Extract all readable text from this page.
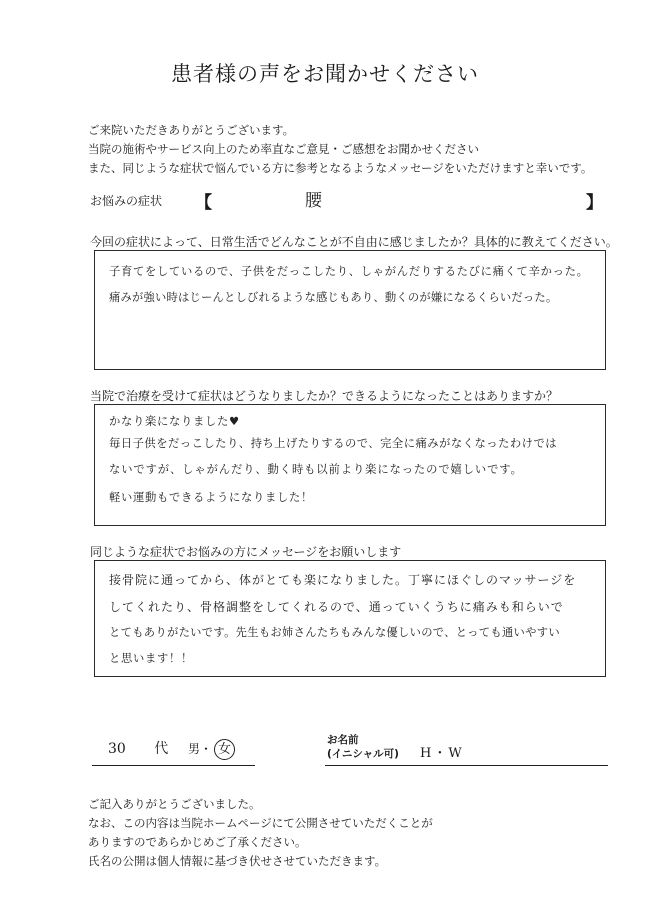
患者様の声をお聞かせください
ご来院いただきありがとうございます。
当院の施術やサービス向上のため率直なご意見・ご感想をお聞かせください
また、同じような症状で悩んでいる方に参考となるようなメッセージをいただけますと幸いです。
お悩みの症状 【	腰	】
今回の症状によって、日常生活でどんなことが不自由に感じましたか？具体的に教えてください。
子育てをしているので、子供をだっこしたり、しゃがんだりするたびに痛くて辛かった。
痛みが強い時はじーんとしびれるような感じもあり、動くのが嫌になるくらいだった。
当院で治療を受けて症状はどうなりましたか？できるようになったことはありますか？
かなり楽になりました♥
毎日子供をだっこしたり、持ち上げたりするので、完全に痛みがなくなったわけでは
ないですが、しゃがんだり、動く時も以前より楽になったので嬉しいです。
軽い運動もできるようになりました！
同じような症状でお悩みの方にメッセージをお願いします
接骨院に通ってから、体がとても楽になりました。丁寧にほぐしのマッサージを
してくれたり、骨格調整をしてくれるので、通っていくうちに痛みも和らいで
とてもありがたいです。先生もお姉さんたちもみんな優しいので、とっても通いやすい
と思います！！
30 代 男・ 女
お名前
(イニシャル可) H・W
ご記入ありがとうございました。
なお、この内容は当院ホームページにて公開させていただくことが
ありますのであらかじめご了承ください。
氏名の公開は個人情報に基づき伏せさせていただきます。
